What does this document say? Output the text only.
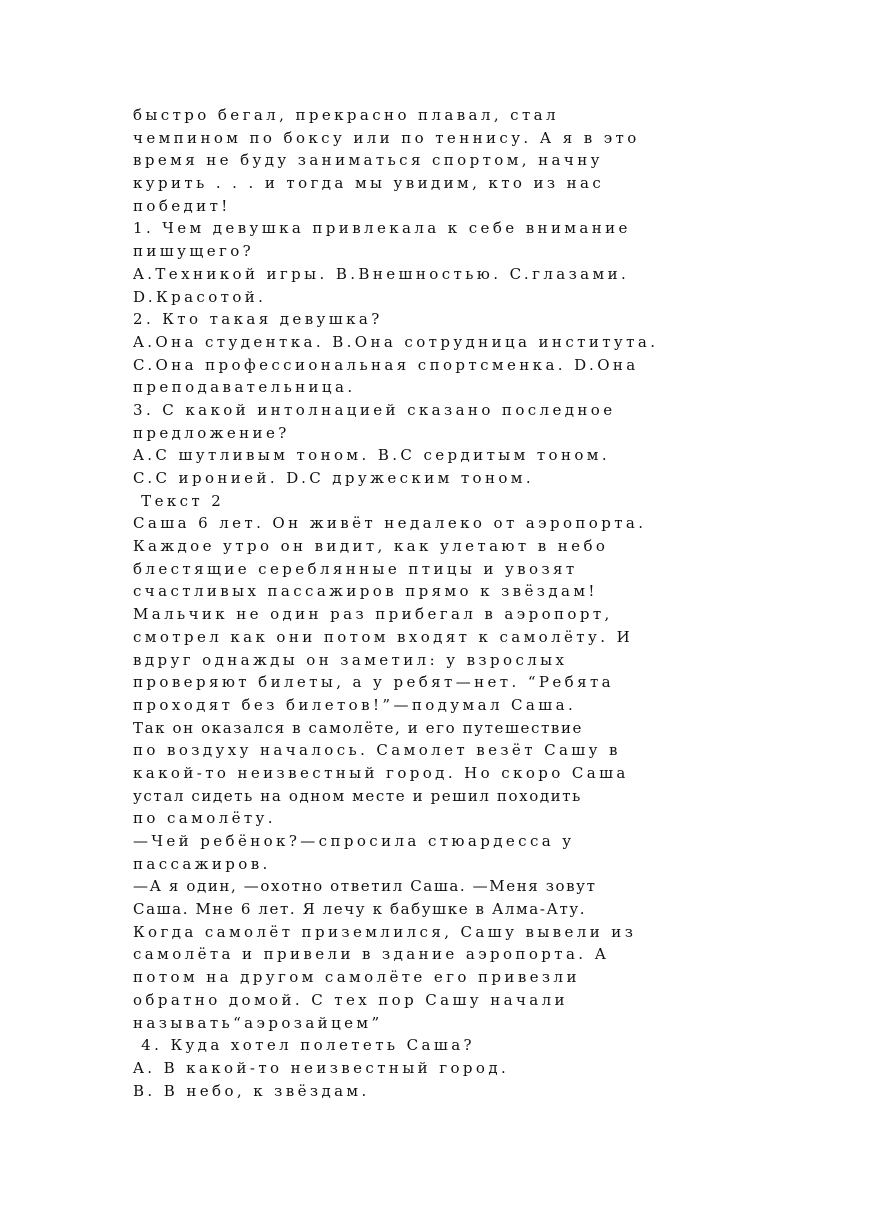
быстро бегал, прекрасно плавал, стал
чемпином по боксу или по теннису. А я в это
время не буду заниматься спортом, начну
курить . . . и тогда мы увидим, кто из нас
победит!
1. Чем девушка привлекала к себе внимание
пишущего?
A.Техникой игры. B.Внешностью. C.глазами.
D.Красотой.
2. Кто такая девушка?
A.Она студентка. B.Она сотрудница института.
C.Она профессиональная спортсменка. D.Она
преподавательница.
3. С какой интолнацией сказано последное
предложение?
A.С шутливым тоном. B.С сердитым тоном.
C.С иронией. D.С дружеским тоном.
Текст 2
Саша 6 лет. Он живёт недалеко от аэропорта.
Каждое утро он видит, как улетают в небо
блестящие сереблянные птицы и увозят
счастливых пассажиров прямо к звёздам!
Мальчик не один раз прибегал в аэропорт,
смотрел как они потом входят к самолёту. И
вдруг однажды он заметил: у взрослых
проверяют билеты, а у ребят—нет. “Ребята
проходят без билетов!”—подумал Саша.
Так он оказался в самолёте, и его путешествие
по воздуху началось. Самолет везёт Сашу в
какой-то неизвестный город. Но скоро Саша
устал сидеть на одном месте и решил походить
по самолёту.
—Чей ребёнок?—спросила стюардесса у
пассажиров.
—А я один, —охотно ответил Саша. —Меня зовут
Саша. Мне 6 лет. Я лечу к бабушке в Алма-Ату.
Когда самолёт приземлился, Сашу вывели из
самолёта и привели в здание аэропорта. А
потом на другом самолёте его привезли
обратно домой. С тех пор Сашу начали
называть“аэрозайцем”
4. Куда хотел полететь Саша?
A. В какой-то неизвестный город.
B. В небо, к звёздам.
